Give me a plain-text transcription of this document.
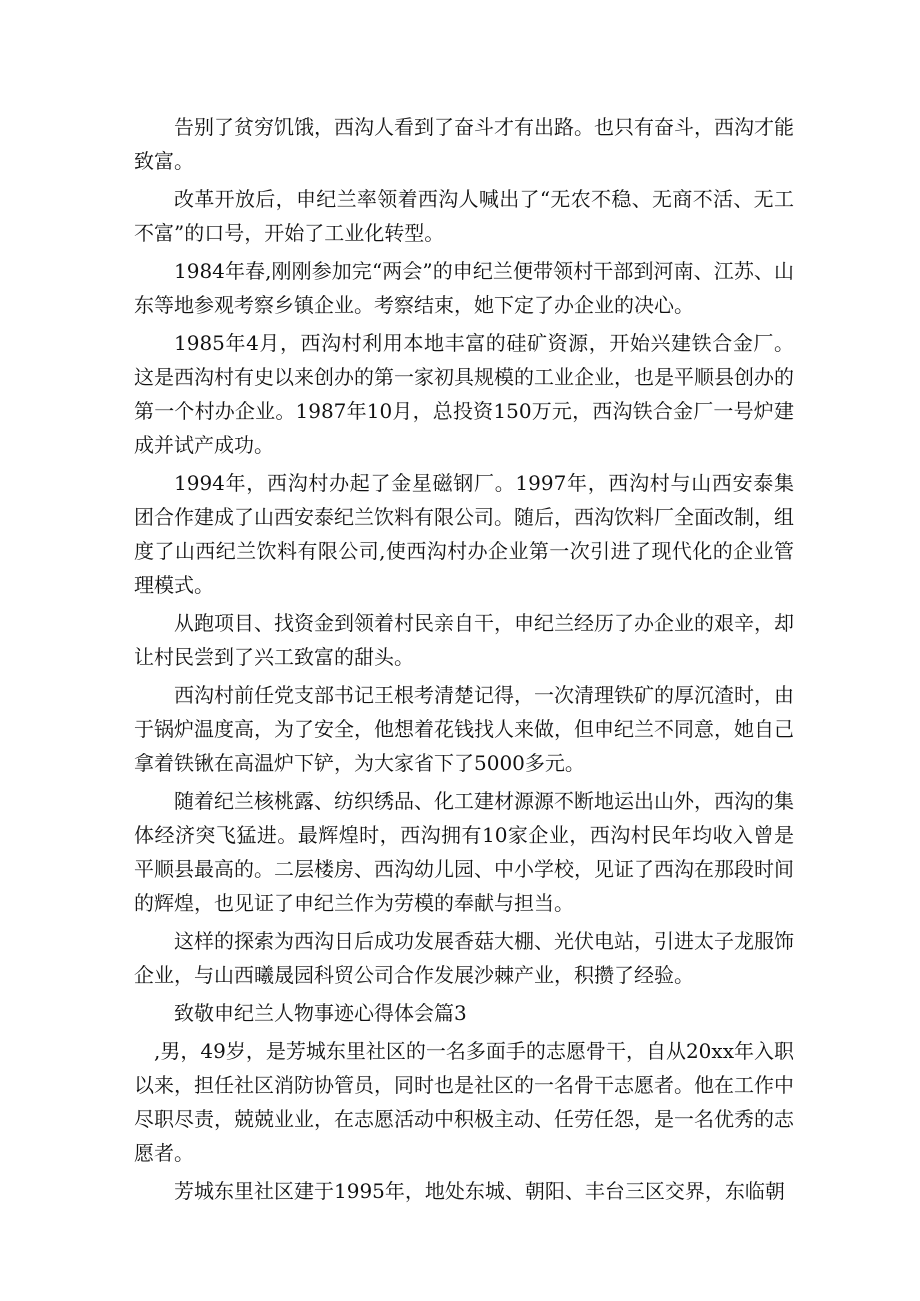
告别了贫穷饥饿，西沟人看到了奋斗才有出路。也只有奋斗，西沟才能致富。

改革开放后，申纪兰率领着西沟人喊出了“无农不稳、无商不活、无工不富”的口号，开始了工业化转型。

1984年春,刚刚参加完“两会”的申纪兰便带领村干部到河南、江苏、山东等地参观考察乡镇企业。考察结束，她下定了办企业的决心。

1985年4月，西沟村利用本地丰富的硅矿资源，开始兴建铁合金厂。这是西沟村有史以来创办的第一家初具规模的工业企业，也是平顺县创办的第一个村办企业。1987年10月，总投资150万元，西沟铁合金厂一号炉建成并试产成功。

1994年，西沟村办起了金星磁钢厂。1997年，西沟村与山西安泰集团合作建成了山西安泰纪兰饮料有限公司。随后，西沟饮料厂全面改制，组度了山西纪兰饮料有限公司,使西沟村办企业第一次引进了现代化的企业管理模式。

从跑项目、找资金到领着村民亲自干，申纪兰经历了办企业的艰辛，却让村民尝到了兴工致富的甜头。

西沟村前任党支部书记王根考清楚记得，一次清理铁矿的厚沉渣时，由于锅炉温度高，为了安全，他想着花钱找人来做，但申纪兰不同意，她自己拿着铁锹在高温炉下铲，为大家省下了5000多元。

随着纪兰核桃露、纺织绣品、化工建材源源不断地运出山外，西沟的集体经济突飞猛进。最辉煌时，西沟拥有10家企业，西沟村民年均收入曾是平顺县最高的。二层楼房、西沟幼儿园、中小学校，见证了西沟在那段时间的辉煌，也见证了申纪兰作为劳模的奉献与担当。

这样的探索为西沟日后成功发展香菇大棚、光伏电站，引进太子龙服饰企业，与山西曦晟园科贸公司合作发展沙棘产业，积攒了经验。

致敬申纪兰人物事迹心得体会篇3

,男，49岁，是芳城东里社区的一名多面手的志愿骨干，自从20xx年入职以来，担任社区消防协管员，同时也是社区的一名骨干志愿者。他在工作中尽职尽责，兢兢业业，在志愿活动中积极主动、任劳任怨，是一名优秀的志愿者。

芳城东里社区建于1995年，地处东城、朝阳、丰台三区交界，东临朝
